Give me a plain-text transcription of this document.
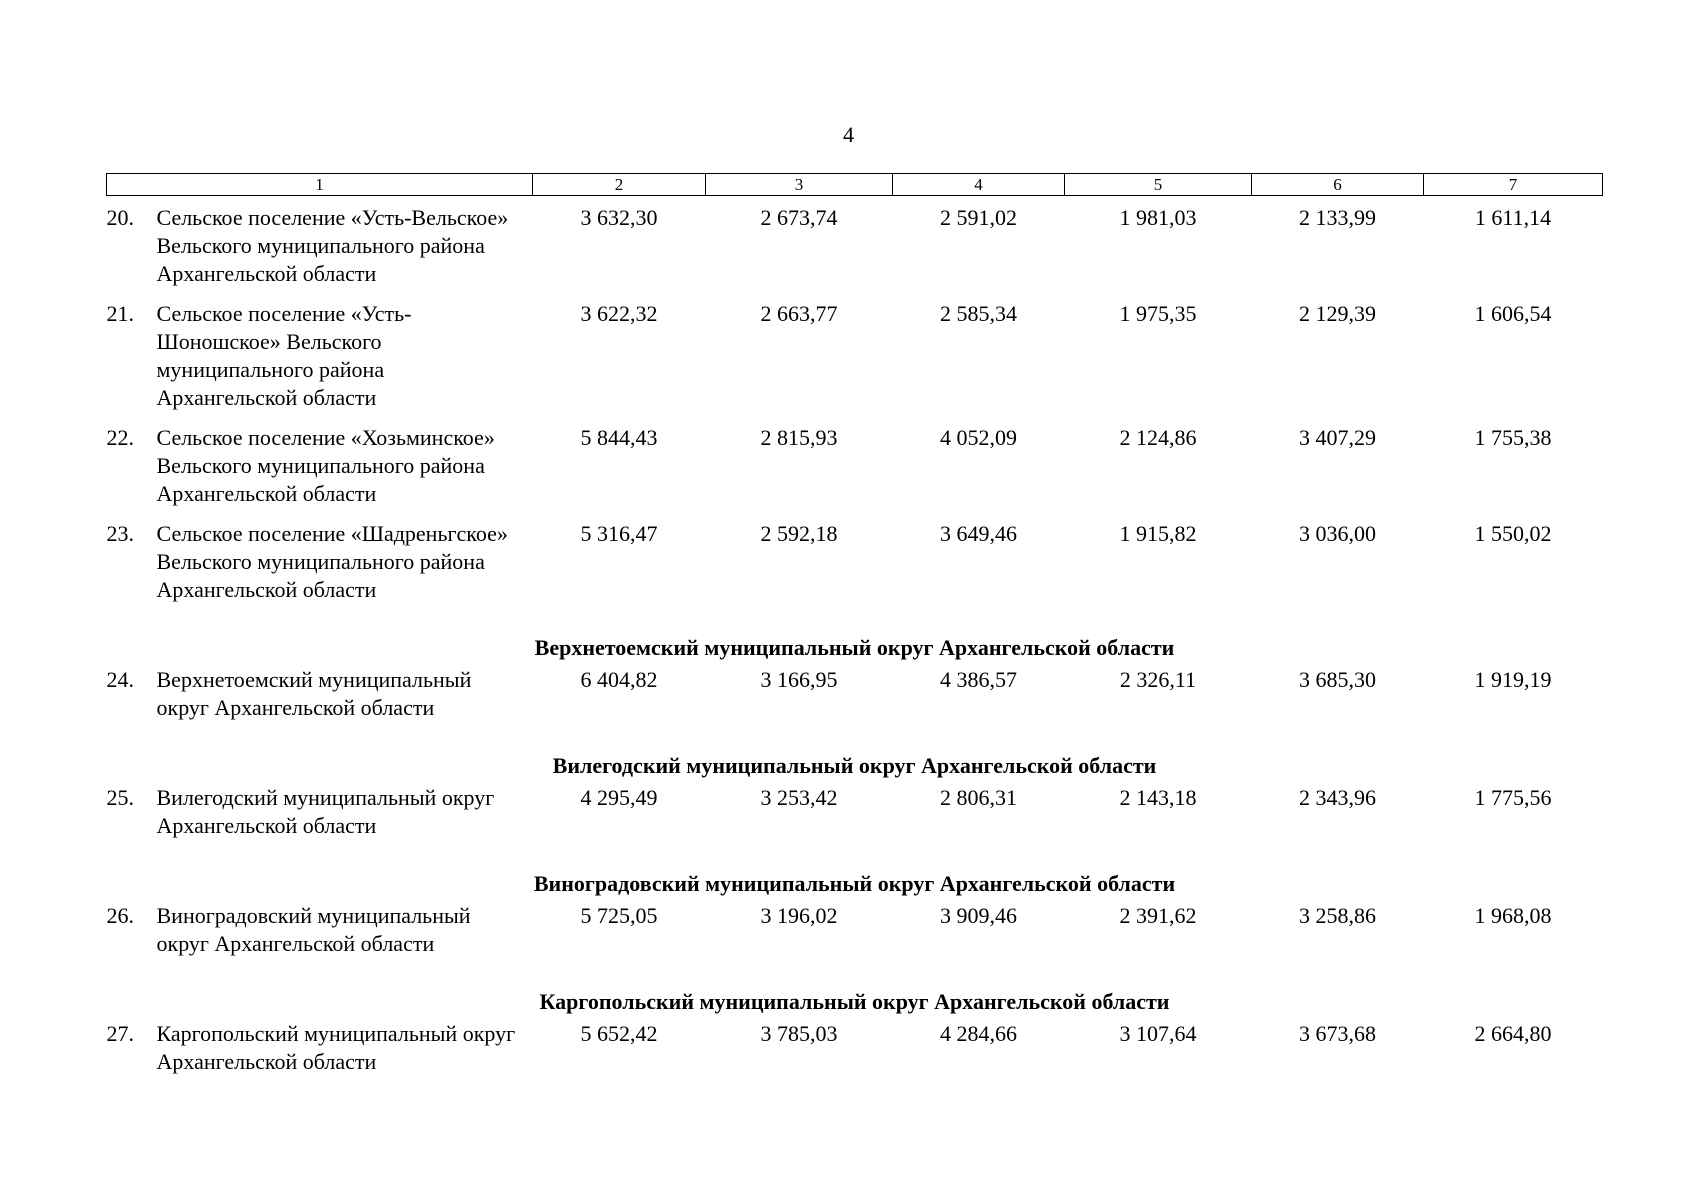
4
1	2	3	4	5	6	7

20. Сельское поселение «Усть-Вельское» Вельского муниципального района Архангельской области	3 632,30	2 673,74	2 591,02	1 981,03	2 133,99	1 611,14

21. Сельское поселение «Усть-Шоношское» Вельского муниципального района Архангельской области	3 622,32	2 663,77	2 585,34	1 975,35	2 129,39	1 606,54

22. Сельское поселение «Хозьминское» Вельского муниципального района Архангельской области	5 844,43	2 815,93	4 052,09	2 124,86	3 407,29	1 755,38

23. Сельское поселение «Шадреньгское» Вельского муниципального района Архангельской области	5 316,47	2 592,18	3 649,46	1 915,82	3 036,00	1 550,02
Верхнетоемский муниципальный округ Архангельской области						

24. Верхнетоемский муниципальный округ Архангельской области	6 404,82	3 166,95	4 386,57	2 326,11	3 685,30	1 919,19
Вилегодский муниципальный округ Архангельской области						

25. Вилегодский муниципальный округ Архангельской области	4 295,49	3 253,42	2 806,31	2 143,18	2 343,96	1 775,56
Виноградовский муниципальный округ Архангельской области						

26. Виноградовский муниципальный округ Архангельской области	5 725,05	3 196,02	3 909,46	2 391,62	3 258,86	1 968,08
Каргопольский муниципальный округ Архангельской области						

27. Каргопольский муниципальный округ Архангельской области	5 652,42	3 785,03	4 284,66	3 107,64	3 673,68	2 664,80
